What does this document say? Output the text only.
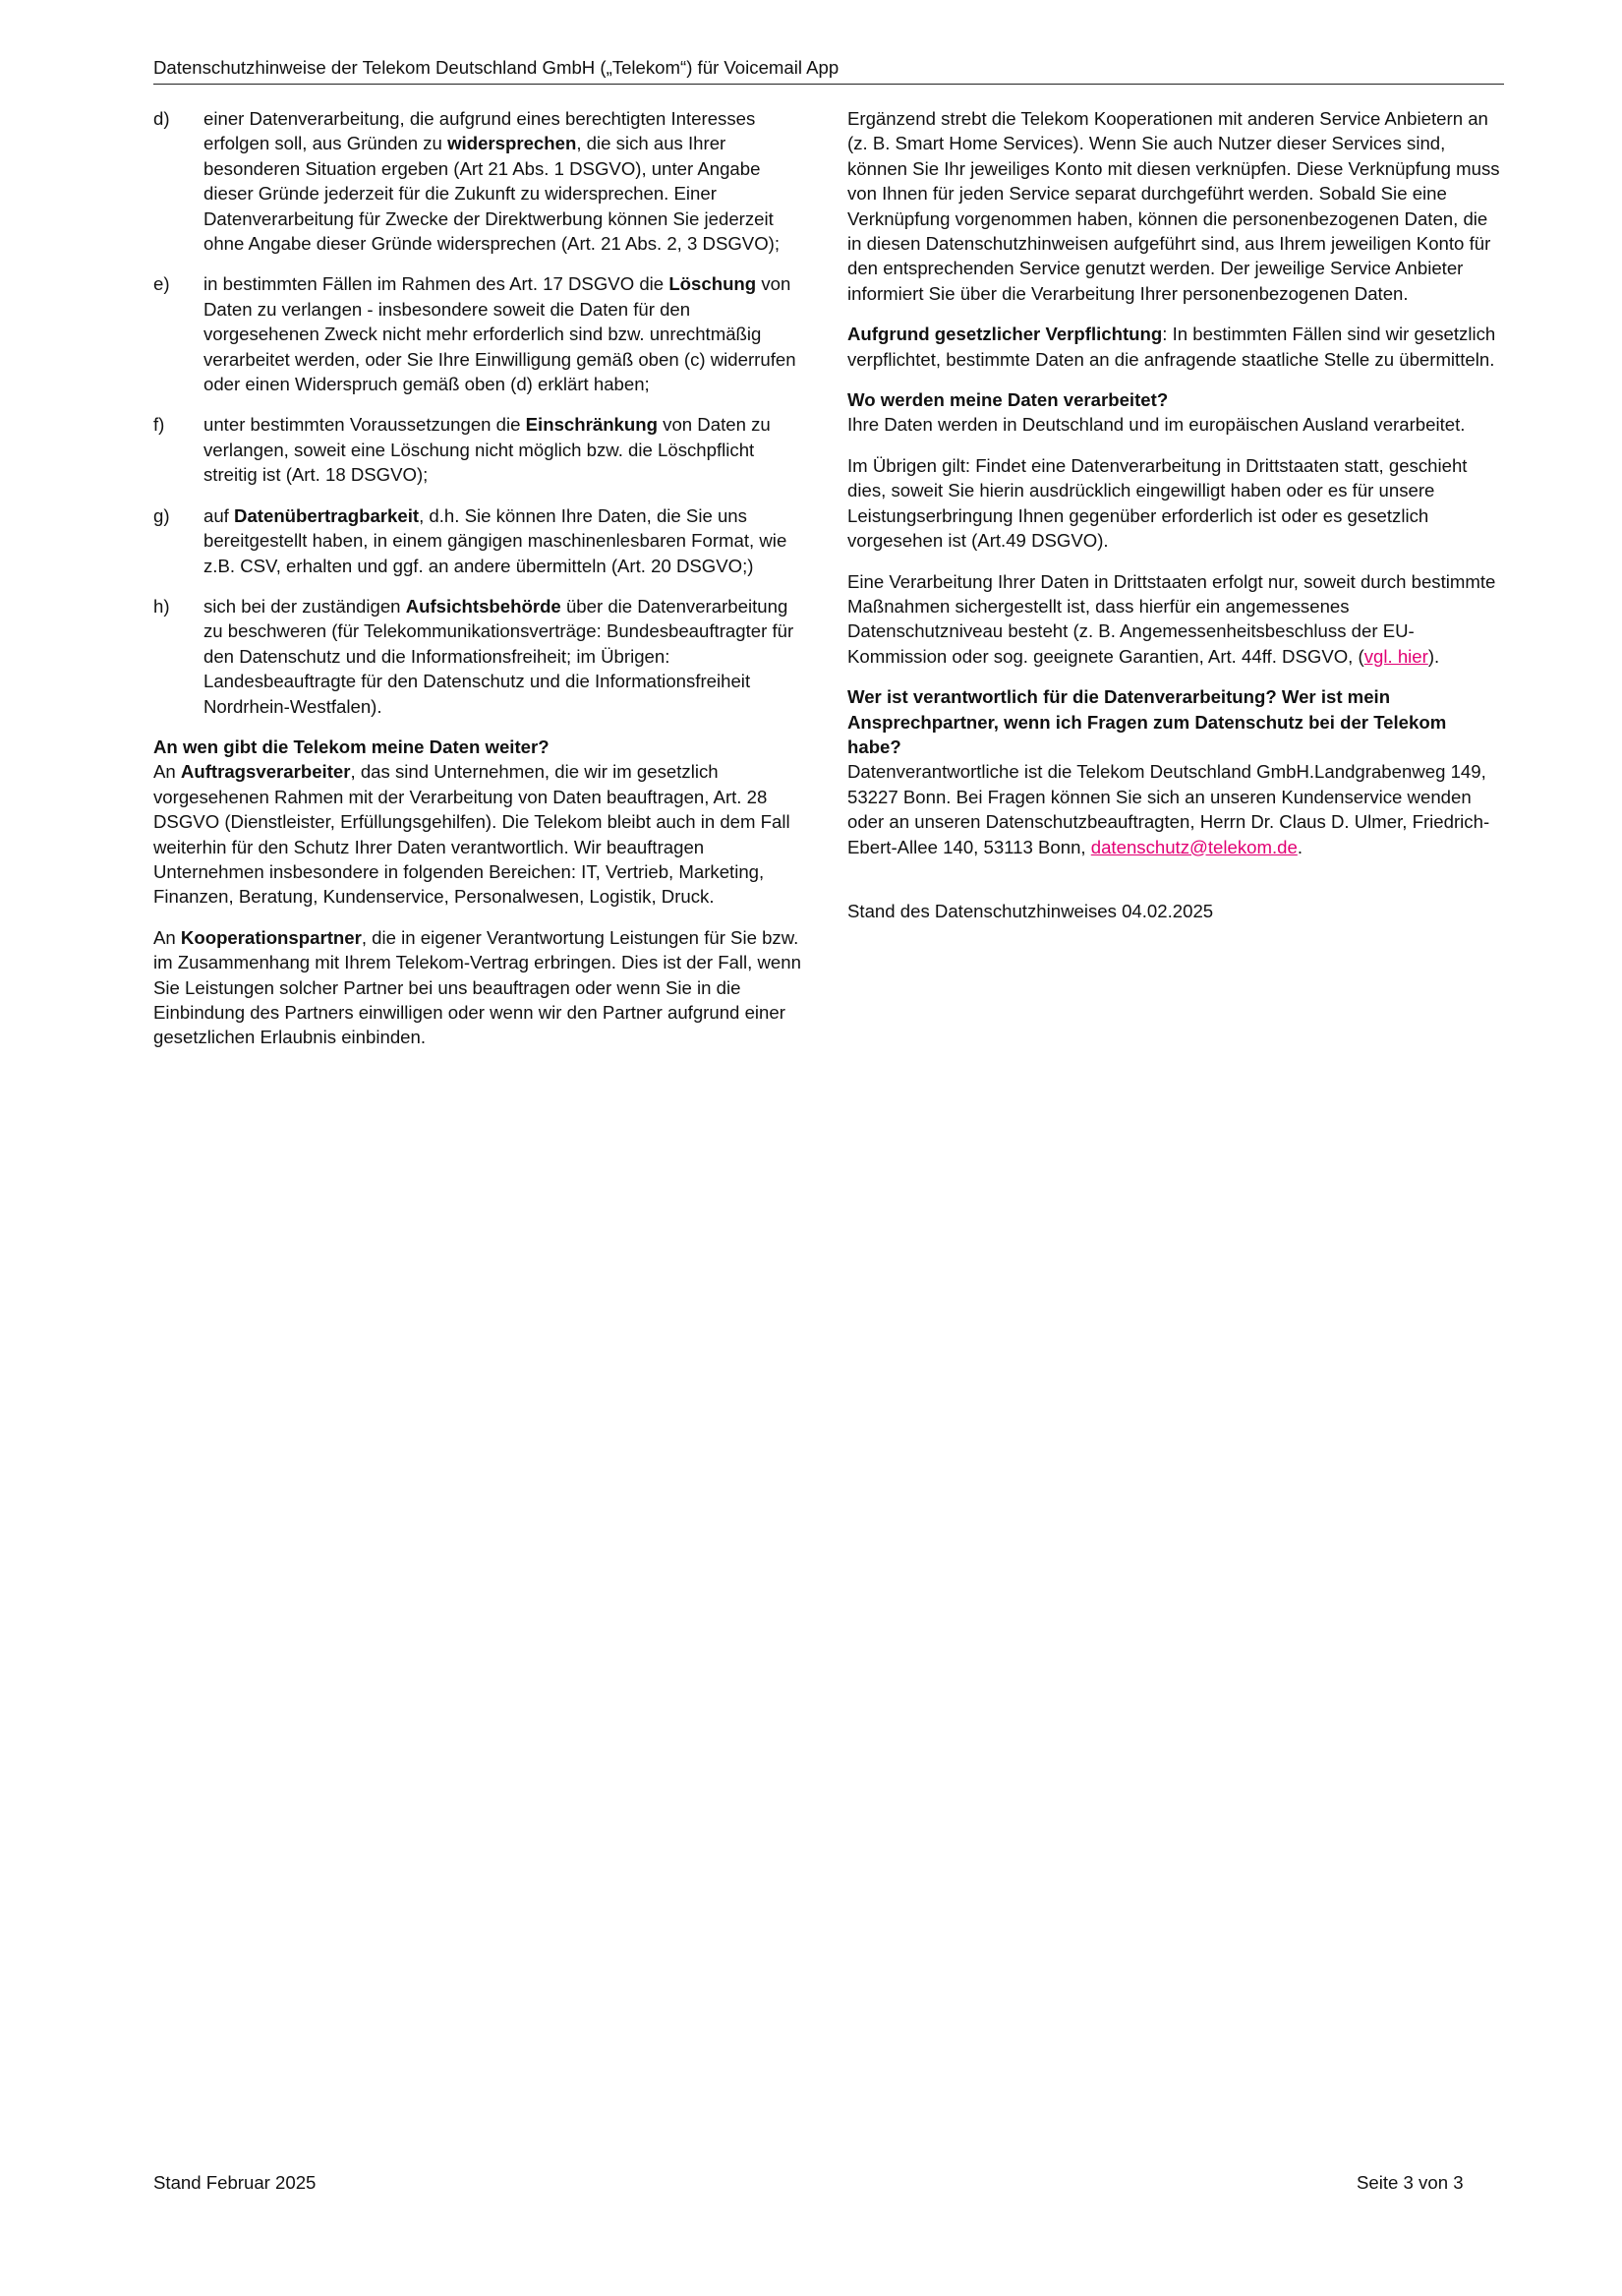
Datenschutzhinweise der Telekom Deutschland GmbH („Telekom“) für Voicemail App
d)	einer Datenverarbeitung, die aufgrund eines berechtigten Interesses erfolgen soll, aus Gründen zu widersprechen, die sich aus Ihrer besonderen Situation ergeben (Art 21 Abs. 1 DSGVO), unter Angabe dieser Gründe jederzeit für die Zukunft zu widersprechen. Einer Datenverarbeitung für Zwecke der Direktwerbung können Sie jederzeit ohne Angabe dieser Gründe widersprechen (Art. 21 Abs. 2, 3 DSGVO);
e)	in bestimmten Fällen im Rahmen des Art. 17 DSGVO die Löschung von Daten zu verlangen - insbesondere soweit die Daten für den vorgesehenen Zweck nicht mehr erforderlich sind bzw. unrechtmäßig verarbeitet werden, oder Sie Ihre Einwilligung gemäß oben (c) widerrufen oder einen Widerspruch gemäß oben (d) erklärt haben;
f)	unter bestimmten Voraussetzungen die Einschränkung von Daten zu verlangen, soweit eine Löschung nicht möglich bzw. die Löschpflicht streitig ist (Art. 18 DSGVO);
g)	auf Datenübertragbarkeit, d.h. Sie können Ihre Daten, die Sie uns bereitgestellt haben, in einem gängigen maschinenlesbaren Format, wie z.B. CSV, erhalten und ggf. an andere übermitteln (Art. 20 DSGVO;)
h)	sich bei der zuständigen Aufsichtsbehörde über die Datenverarbeitung zu beschweren (für Telekommunikationsverträge: Bundesbeauftragter für den Datenschutz und die Informationsfreiheit; im Übrigen: Landesbeauftragte für den Datenschutz und die Informationsfreiheit Nordrhein-Westfalen).

An wen gibt die Telekom meine Daten weiter?
An Auftragsverarbeiter, das sind Unternehmen, die wir im gesetzlich vorgesehenen Rahmen mit der Verarbeitung von Daten beauftragen, Art. 28 DSGVO (Dienstleister, Erfüllungsgehilfen). Die Telekom bleibt auch in dem Fall weiterhin für den Schutz Ihrer Daten verantwortlich. Wir beauftragen Unternehmen insbesondere in folgenden Bereichen: IT, Vertrieb, Marketing, Finanzen, Beratung, Kundenservice, Personalwesen, Logistik, Druck.

An Kooperationspartner, die in eigener Verantwortung Leistungen für Sie bzw. im Zusammenhang mit Ihrem Telekom-Vertrag erbringen. Dies ist der Fall, wenn Sie Leistungen solcher Partner bei uns beauftragen oder wenn Sie in die Einbindung des Partners einwilligen oder wenn wir den Partner aufgrund einer gesetzlichen Erlaubnis einbinden.

Ergänzend strebt die Telekom Kooperationen mit anderen Service Anbietern an (z. B. Smart Home Services). Wenn Sie auch Nutzer dieser Services sind, können Sie Ihr jeweiliges Konto mit diesen verknüpfen. Diese Verknüpfung muss von Ihnen für jeden Service separat durchgeführt werden. Sobald Sie eine Verknüpfung vorgenommen haben, können die personenbezogenen Daten, die in diesen Datenschutzhinweisen aufgeführt sind, aus Ihrem jeweiligen Konto für den entsprechenden Service genutzt werden. Der jeweilige Service Anbieter informiert Sie über die Verarbeitung Ihrer personenbezogenen Daten.

Aufgrund gesetzlicher Verpflichtung: In bestimmten Fällen sind wir gesetzlich verpflichtet, bestimmte Daten an die anfragende staatliche Stelle zu übermitteln.

Wo werden meine Daten verarbeitet?
Ihre Daten werden in Deutschland und im europäischen Ausland verarbeitet.

Im Übrigen gilt: Findet eine Datenverarbeitung in Drittstaaten statt, geschieht dies, soweit Sie hierin ausdrücklich eingewilligt haben oder es für unsere Leistungserbringung Ihnen gegenüber erforderlich ist oder es gesetzlich vorgesehen ist (Art.49 DSGVO).

Eine Verarbeitung Ihrer Daten in Drittstaaten erfolgt nur, soweit durch bestimmte Maßnahmen sichergestellt ist, dass hierfür ein angemessenes Datenschutzniveau besteht (z. B. Angemessenheitsbeschluss der EU-Kommission oder sog. geeignete Garantien, Art. 44ff. DSGVO, (vgl. hier).

Wer ist verantwortlich für die Datenverarbeitung? Wer ist mein Ansprechpartner, wenn ich Fragen zum Datenschutz bei der Telekom habe?
Datenverantwortliche ist die Telekom Deutschland GmbH.Landgrabenweg 149, 53227 Bonn. Bei Fragen können Sie sich an unseren Kundenservice wenden oder an unseren Datenschutzbeauftragten, Herrn Dr. Claus D. Ulmer, Friedrich-Ebert-Allee 140, 53113 Bonn, datenschutz@telekom.de.

Stand des Datenschutzhinweises 04.02.2025

Stand Februar 2025	Seite 3 von 3
